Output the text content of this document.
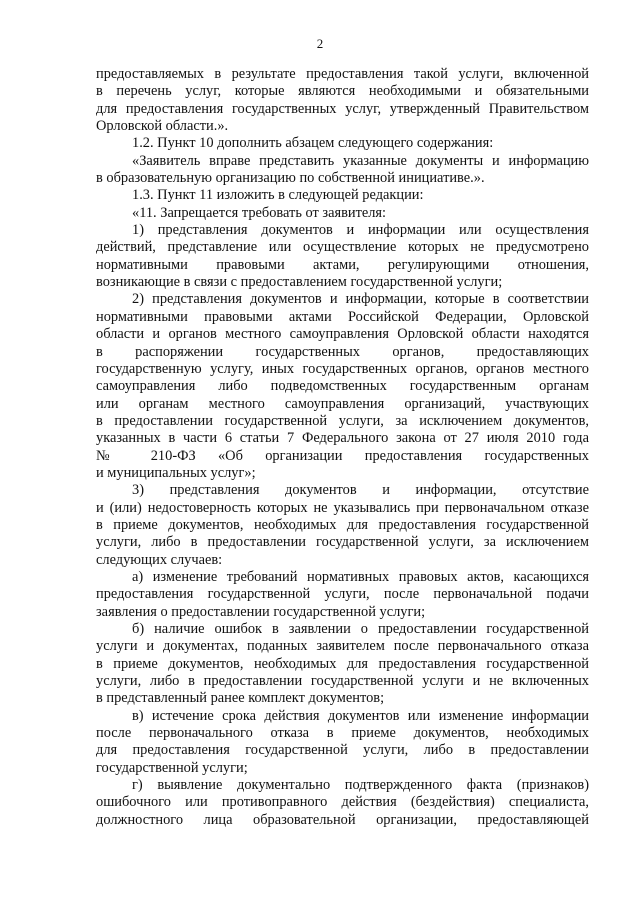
2
предоставляемых в результате предоставления такой услуги, включенной
в перечень услуг, которые являются необходимыми и обязательными
для предоставления государственных услуг, утвержденный Правительством
Орловской области.».
1.2. Пункт 10 дополнить абзацем следующего содержания:
«Заявитель вправе представить указанные документы и информацию
в образовательную организацию по собственной инициативе.».
1.3. Пункт 11 изложить в следующей редакции:
«11. Запрещается требовать от заявителя:
1) представления документов и информации или осуществления
действий, представление или осуществление которых не предусмотрено
нормативными правовыми актами, регулирующими отношения,
возникающие в связи с предоставлением государственной услуги;
2) представления документов и информации, которые в соответствии
нормативными правовыми актами Российской Федерации, Орловской
области и органов местного самоуправления Орловской области находятся
в распоряжении государственных органов, предоставляющих
государственную услугу, иных государственных органов, органов местного
самоуправления либо подведомственных государственным органам
или органам местного самоуправления организаций, участвующих
в предоставлении государственной услуги, за исключением документов,
указанных в части 6 статьи 7 Федерального закона от 27 июля 2010 года
№ 210-ФЗ «Об организации предоставления государственных
и муниципальных услуг»;
3) представления документов и информации, отсутствие
и (или) недостоверность которых не указывались при первоначальном отказе
в приеме документов, необходимых для предоставления государственной
услуги, либо в предоставлении государственной услуги, за исключением
следующих случаев:
а) изменение требований нормативных правовых актов, касающихся
предоставления государственной услуги, после первоначальной подачи
заявления о предоставлении государственной услуги;
б) наличие ошибок в заявлении о предоставлении государственной
услуги и документах, поданных заявителем после первоначального отказа
в приеме документов, необходимых для предоставления государственной
услуги, либо в предоставлении государственной услуги и не включенных
в представленный ранее комплект документов;
в) истечение срока действия документов или изменение информации
после первоначального отказа в приеме документов, необходимых
для предоставления государственной услуги, либо в предоставлении
государственной услуги;
г) выявление документально подтвержденного факта (признаков)
ошибочного или противоправного действия (бездействия) специалиста,
должностного лица образовательной организации, предоставляющей
